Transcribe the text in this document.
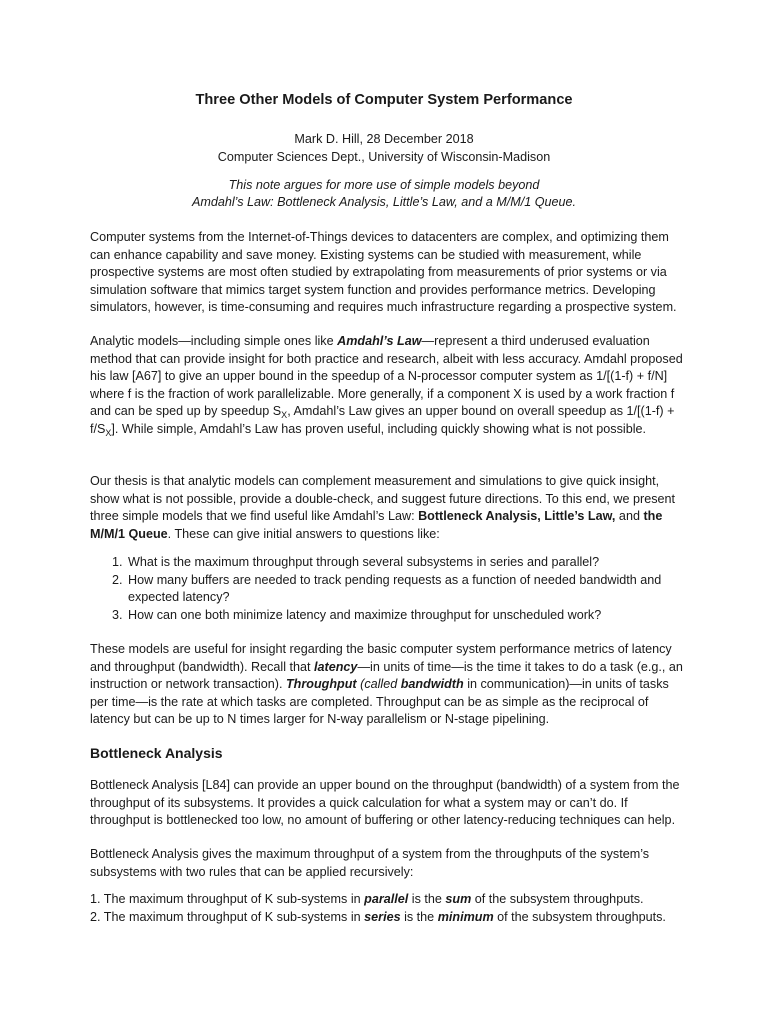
Three Other Models of Computer System Performance
Mark D. Hill, 28 December 2018
Computer Sciences Dept., University of Wisconsin-Madison
This note argues for more use of simple models beyond
Amdahl’s Law: Bottleneck Analysis, Little’s Law, and a M/M/1 Queue.

Computer systems from the Internet-of-Things devices to datacenters are complex, and optimizing them can enhance capability and save money. Existing systems can be studied with measurement, while prospective systems are most often studied by extrapolating from measurements of prior systems or via simulation software that mimics target system function and provides performance metrics. Developing simulators, however, is time-consuming and requires much infrastructure regarding a prospective system.

Analytic models—including simple ones like Amdahl’s Law—represent a third underused evaluation method that can provide insight for both practice and research, albeit with less accuracy. Amdahl proposed his law [A67] to give an upper bound in the speedup of a N-processor computer system as 1/[(1-f) + f/N] where f is the fraction of work parallelizable. More generally, if a component X is used by a work fraction f and can be sped up by speedup $S_X$, Amdahl’s Law gives an upper bound on overall speedup as $1/[(1-f) + f/S_X]$. While simple, Amdahl’s Law has proven useful, including quickly showing what is not possible.

Our thesis is that analytic models can complement measurement and simulations to give quick insight, show what is not possible, provide a double-check, and suggest future directions. To this end, we present three simple models that we find useful like Amdahl’s Law: Bottleneck Analysis, Little’s Law, and the M/M/1 Queue. These can give initial answers to questions like:

1. What is the maximum throughput through several subsystems in series and parallel?
2. How many buffers are needed to track pending requests as a function of needed bandwidth and expected latency?
3. How can one both minimize latency and maximize throughput for unscheduled work?

These models are useful for insight regarding the basic computer system performance metrics of latency and throughput (bandwidth). Recall that latency—in units of time—is the time it takes to do a task (e.g., an instruction or network transaction). Throughput (called bandwidth in communication)—in units of tasks per time—is the rate at which tasks are completed. Throughput can be as simple as the reciprocal of latency but can be up to N times larger for N-way parallelism or N-stage pipelining.

Bottleneck Analysis

Bottleneck Analysis [L84] can provide an upper bound on the throughput (bandwidth) of a system from the throughput of its subsystems. It provides a quick calculation for what a system may or can’t do. If throughput is bottlenecked too low, no amount of buffering or other latency-reducing techniques can help.

Bottleneck Analysis gives the maximum throughput of a system from the throughputs of the system’s subsystems with two rules that can be applied recursively:

1. The maximum throughput of K sub-systems in parallel is the sum of the subsystem throughputs.

2. The maximum throughput of K sub-systems in series is the minimum of the subsystem throughputs.
